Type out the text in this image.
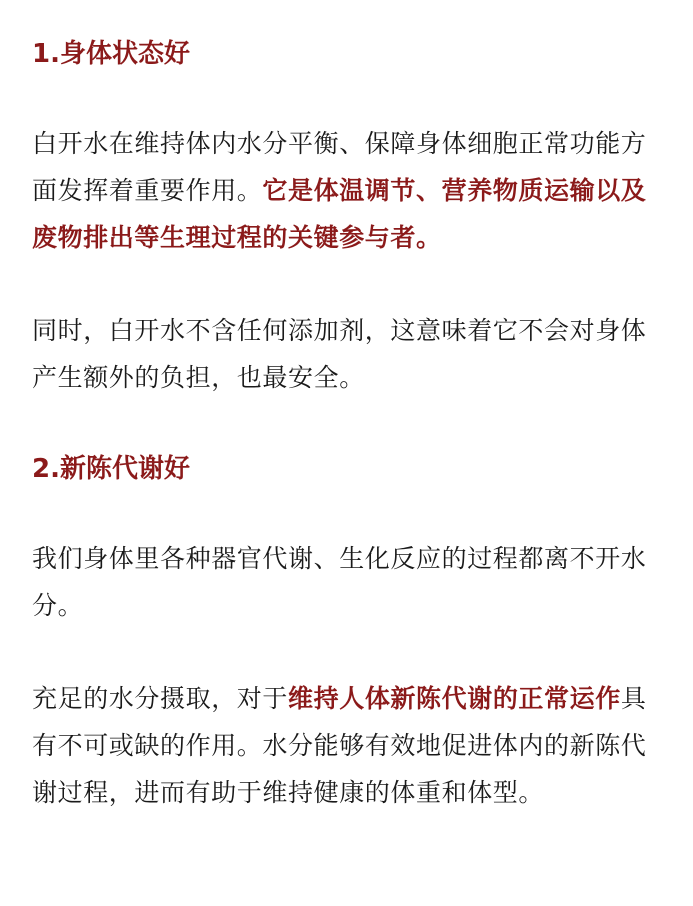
1.身体状态好

白开水在维持体内水分平衡、保障身体细胞正常功能方面发挥着重要作用。它是体温调节、营养物质运输以及废物排出等生理过程的关键参与者。

同时，白开水不含任何添加剂，这意味着它不会对身体产生额外的负担，也最安全。

2.新陈代谢好

我们身体里各种器官代谢、生化反应的过程都离不开水分。

充足的水分摄取，对于维持人体新陈代谢的正常运作具有不可或缺的作用。水分能够有效地促进体内的新陈代谢过程，进而有助于维持健康的体重和体型。
